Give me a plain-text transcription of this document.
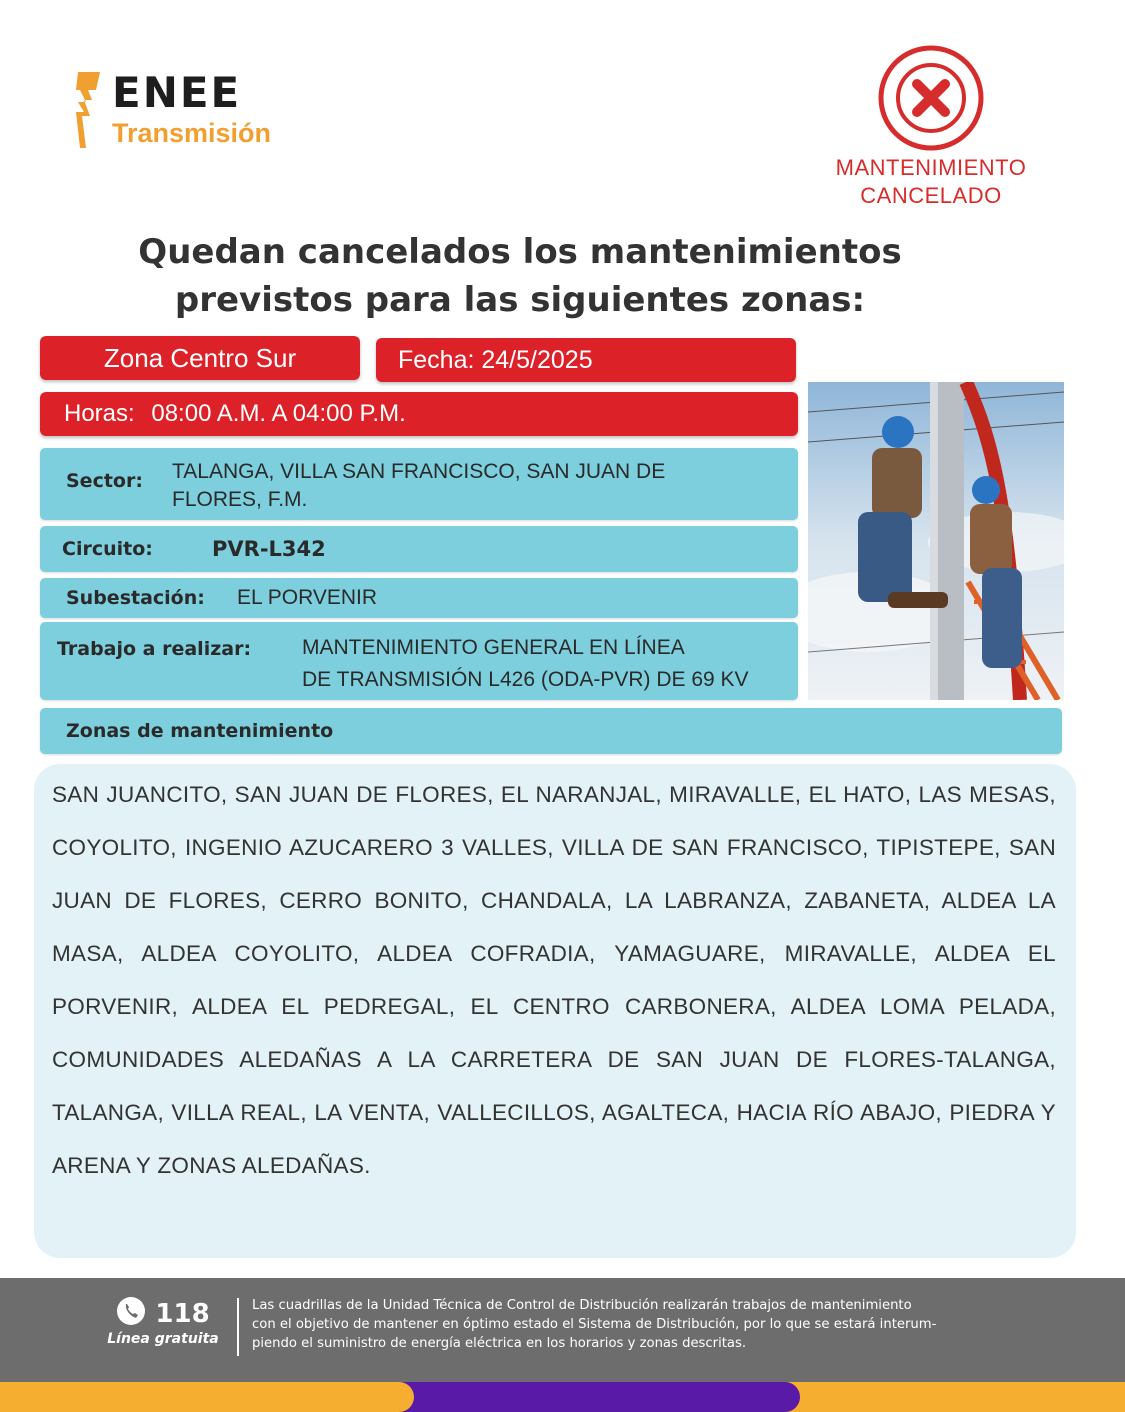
ENEE
Transmisión
MANTENIMIENTO
CANCELADO
Quedan cancelados los mantenimientos
previstos para las siguientes zonas:
Zona Centro Sur	Fecha: 24/5/2025
Horas: 08:00 A.M. A 04:00 P.M.
Sector: TALANGA, VILLA SAN FRANCISCO, SAN JUAN DE
FLORES, F.M.
Circuito:	PVR-L342
Subestación: EL PORVENIR
Trabajo a realizar: MANTENIMIENTO GENERAL EN LÍNEA
DE TRANSMISIÓN L426 (ODA-PVR) DE 69 KV
Zonas de mantenimiento
SAN JUANCITO, SAN JUAN DE FLORES, EL NARANJAL, MIRAVALLE, EL HATO, LAS MESAS, COYOLITO, INGENIO AZUCARERO 3 VALLES, VILLA DE SAN FRANCISCO, TIPISTEPE, SAN JUAN DE FLORES, CERRO BONITO, CHANDALA, LA LABRANZA, ZABANETA, ALDEA LA MASA, ALDEA COYOLITO, ALDEA COFRADIA, YAMAGUARE, MIRAVALLE, ALDEA EL PORVENIR, ALDEA EL PEDREGAL, EL CENTRO CARBONERA, ALDEA LOMA PELADA, COMUNIDADES ALEDAÑAS A LA CARRETERA DE SAN JUAN DE FLORES-TALANGA, TALANGA, VILLA REAL, LA VENTA, VALLECILLOS, AGALTECA, HACIA RÍO ABAJO, PIEDRA Y ARENA Y ZONAS ALEDAÑAS.
118
Línea gratuita
Las cuadrillas de la Unidad Técnica de Control de Distribución realizarán trabajos de mantenimiento
con el objetivo de mantener en óptimo estado el Sistema de Distribución, por lo que se estará interum-
piendo el suministro de energía eléctrica en los horarios y zonas descritas.
